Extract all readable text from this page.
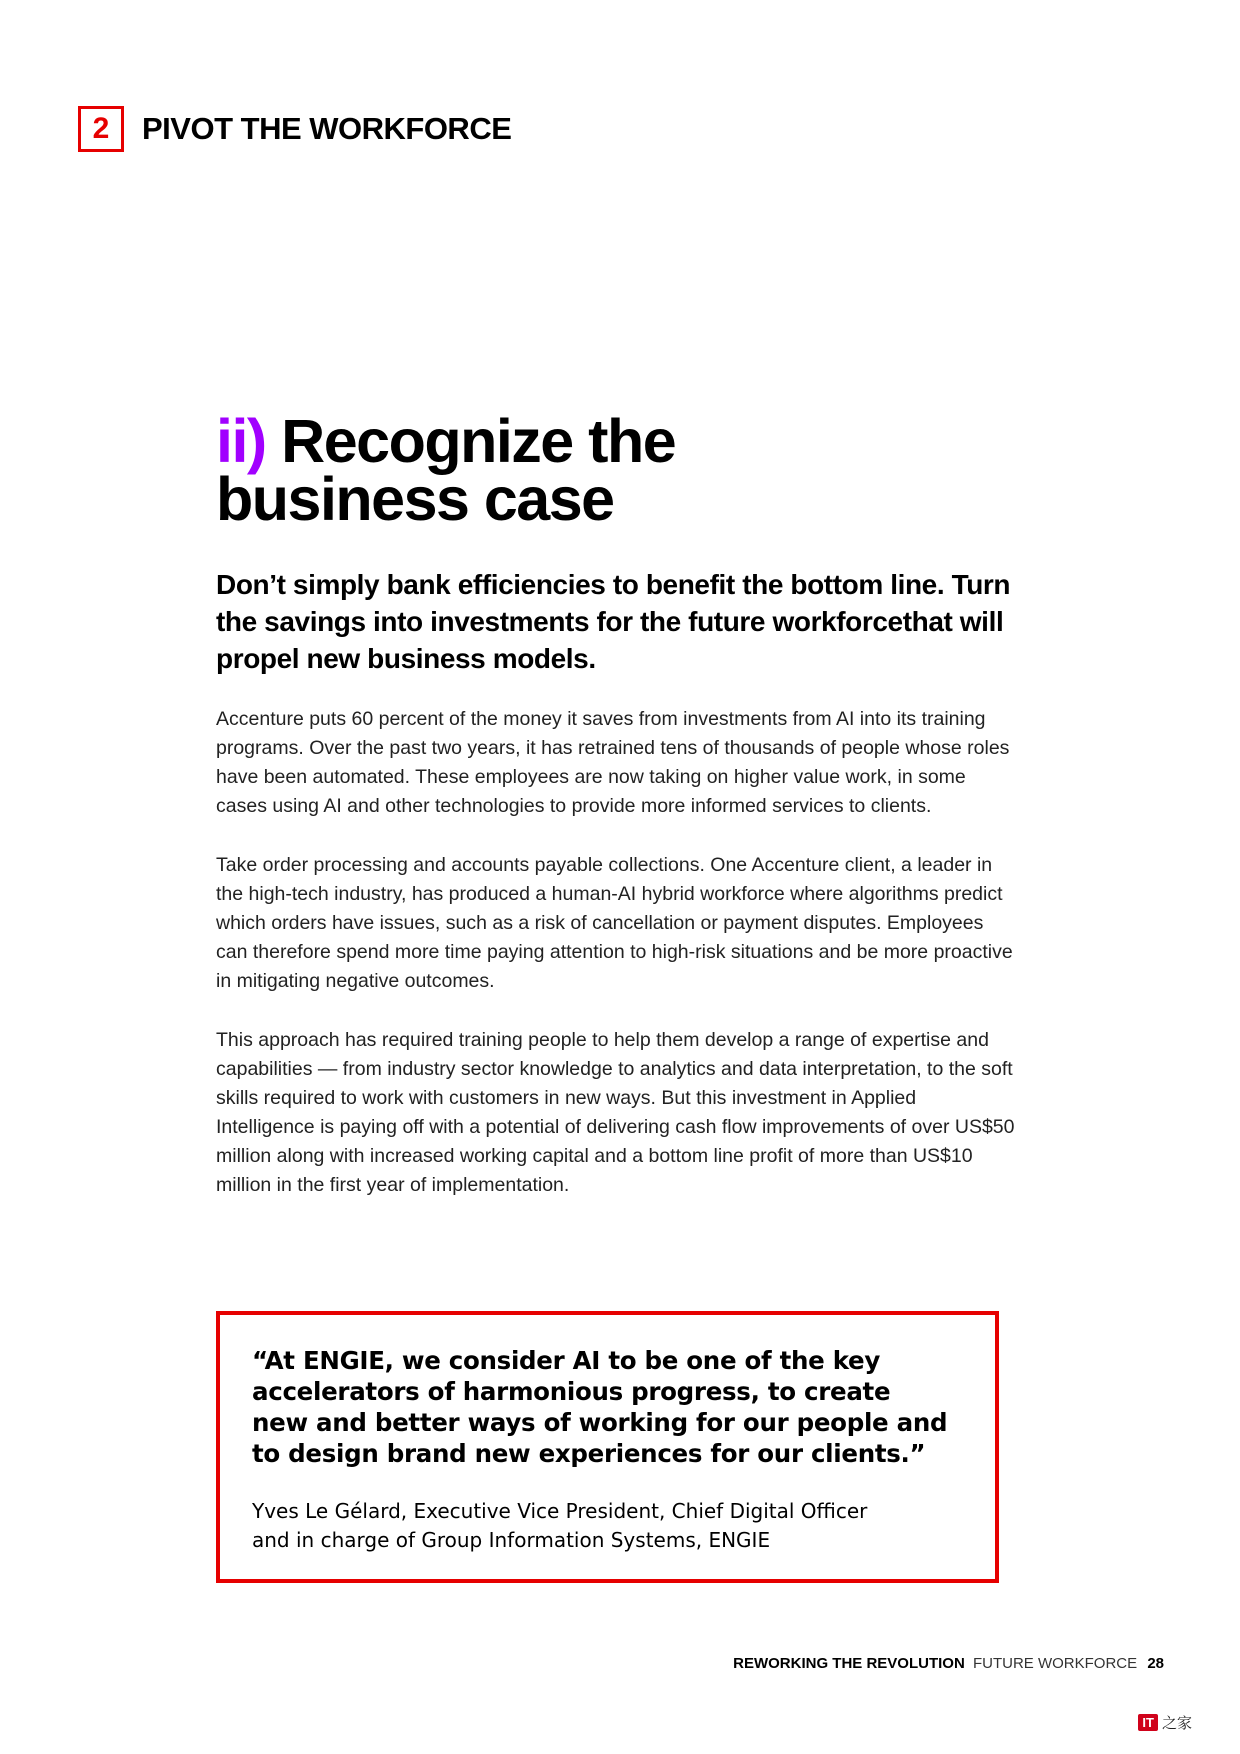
2	PIVOT THE WORKFORCE
ii) Recognize the
business case

Don’t simply bank efficiencies to benefit the bottom line. Turn the savings into investments for the future workforcethat will propel new business models.

Accenture puts 60 percent of the money it saves from investments from AI into its training programs. Over the past two years, it has retrained tens of thousands of people whose roles have been automated. These employees are now taking on higher value work, in some cases using AI and other technologies to provide more informed services to clients.

Take order processing and accounts payable collections. One Accenture client, a leader in the high-tech industry, has produced a human-AI hybrid workforce where algorithms predict which orders have issues, such as a risk of cancellation or payment disputes. Employees can therefore spend more time paying attention to high-risk situations and be more proactive in mitigating negative outcomes.

This approach has required training people to help them develop a range of expertise and capabilities — from industry sector knowledge to analytics and data interpretation, to the soft skills required to work with customers in new ways. But this investment in Applied Intelligence is paying off with a potential of delivering cash flow improvements of over US$50 million along with increased working capital and a bottom line profit of more than US$10 million in the first year of implementation.

“At ENGIE, we consider AI to be one of the key accelerators of harmonious progress, to create new and better ways of working for our people and to design brand new experiences for our clients.”

Yves Le Gélard, Executive Vice President, Chief Digital Officer
and in charge of Group Information Systems, ENGIE
REWORKING THE REVOLUTION FUTURE WORKFORCE 28
IT 之家
